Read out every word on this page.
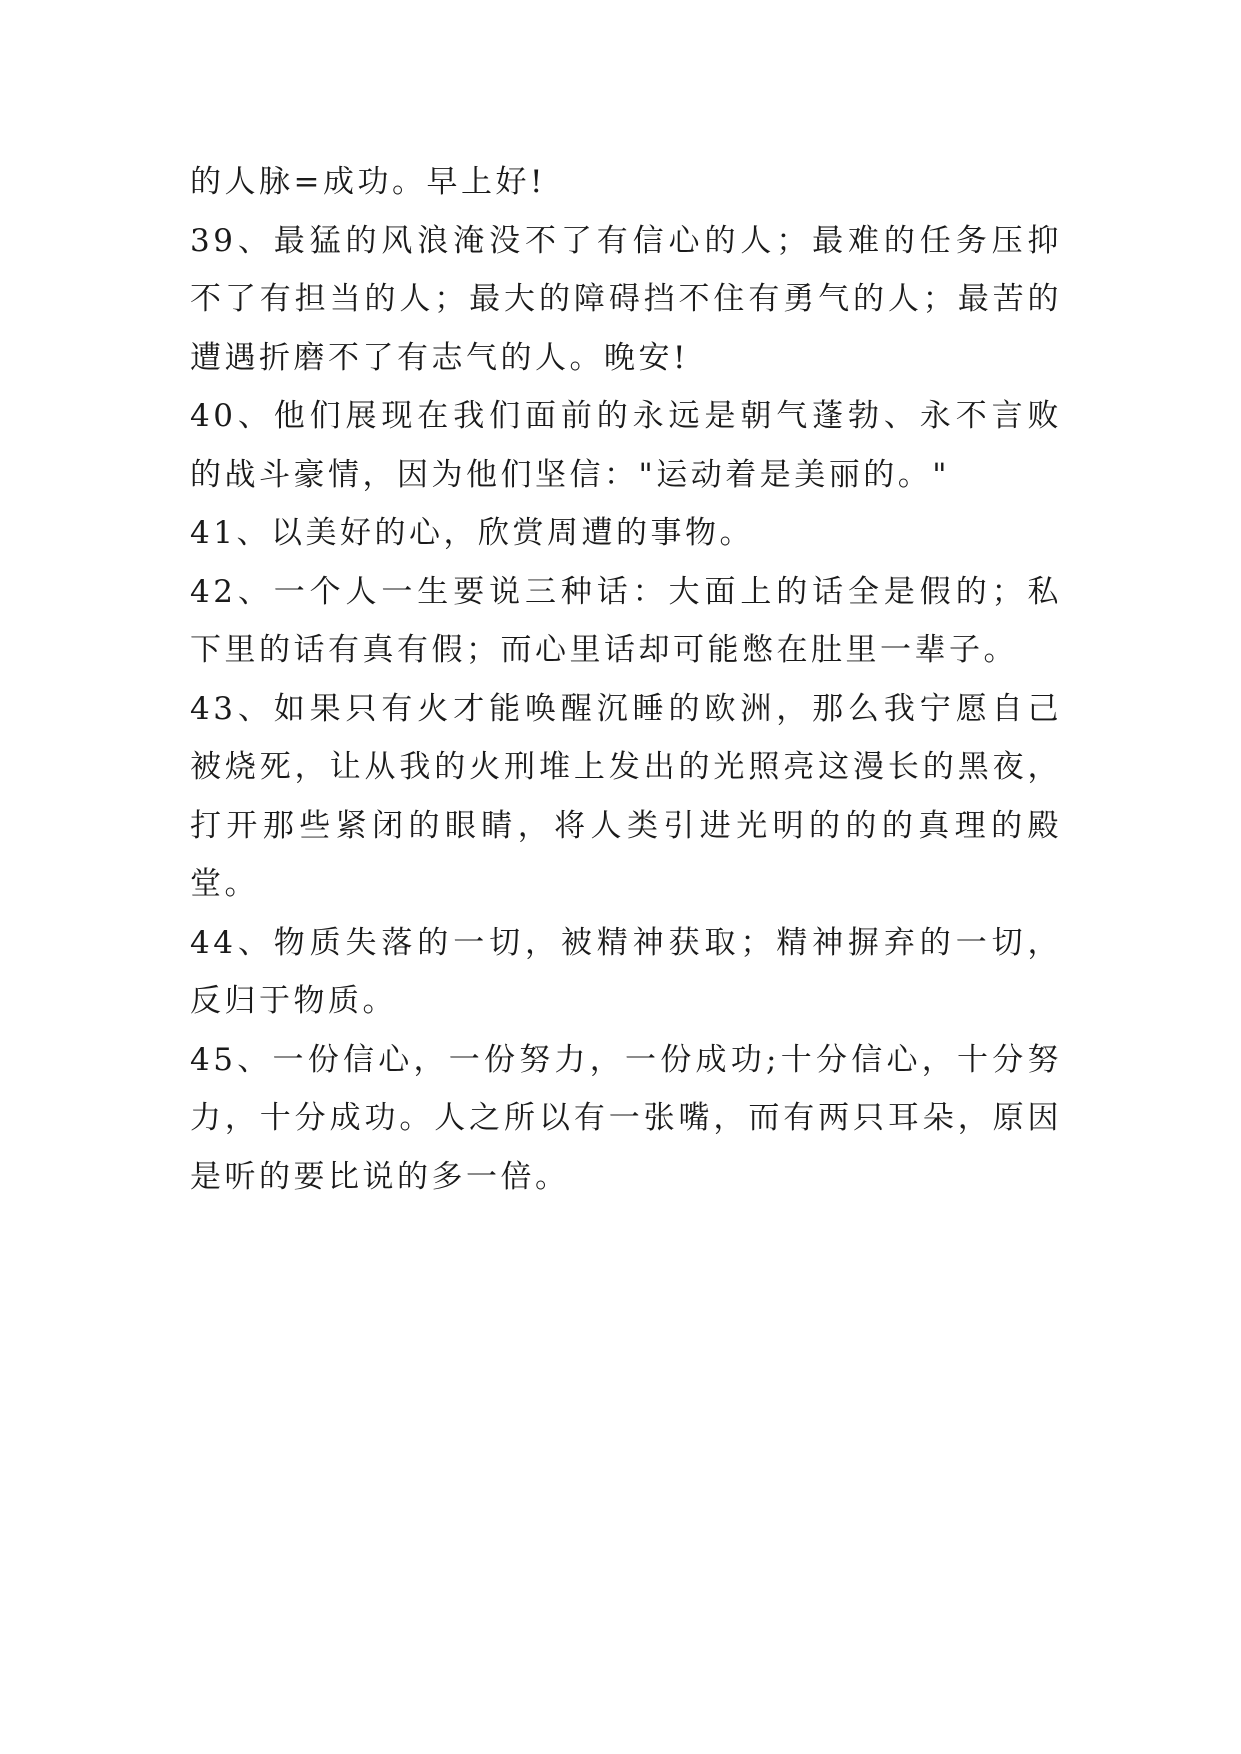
的人脉=成功。早上好!

39、最猛的风浪淹没不了有信心的人；最难的任务压抑不了有担当的人；最大的障碍挡不住有勇气的人；最苦的遭遇折磨不了有志气的人。晚安!

40、他们展现在我们面前的永远是朝气蓬勃、永不言败的战斗豪情，因为他们坚信："运动着是美丽的。"

41、以美好的心，欣赏周遭的事物。

42、一个人一生要说三种话：大面上的话全是假的；私下里的话有真有假；而心里话却可能憋在肚里一辈子。

43、如果只有火才能唤醒沉睡的欧洲，那么我宁愿自己被烧死，让从我的火刑堆上发出的光照亮这漫长的黑夜，打开那些紧闭的眼睛，将人类引进光明的的的真理的殿堂。

44、物质失落的一切，被精神获取；精神摒弃的一切，反归于物质。

45、一份信心，一份努力，一份成功;十分信心，十分努力，十分成功。人之所以有一张嘴，而有两只耳朵，原因是听的要比说的多一倍。
